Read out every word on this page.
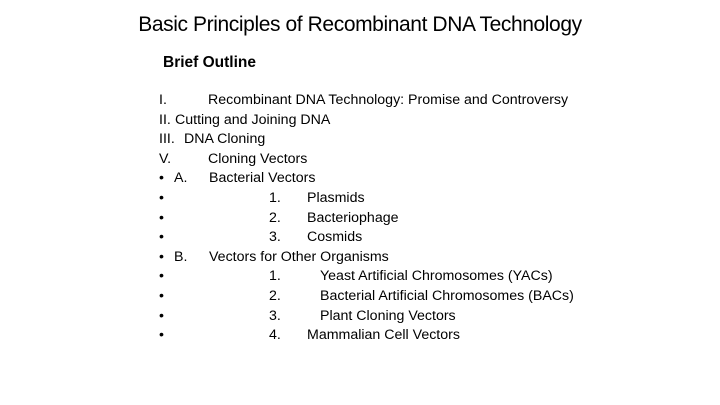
Basic Principles of Recombinant DNA Technology
Brief Outline
I.	Recombinant DNA Technology: Promise and Controversy
II. Cutting and Joining DNA
III. DNA Cloning
V.	Cloning Vectors
• A. Bacterial Vectors
•	1. Plasmids
•	2. Bacteriophage
•	3. Cosmids
• B. Vectors for Other Organisms
•	1.	Yeast Artificial Chromosomes (YACs)
•	2.	Bacterial Artificial Chromosomes (BACs)
•	3.	Plant Cloning Vectors
•	4. Mammalian Cell Vectors
